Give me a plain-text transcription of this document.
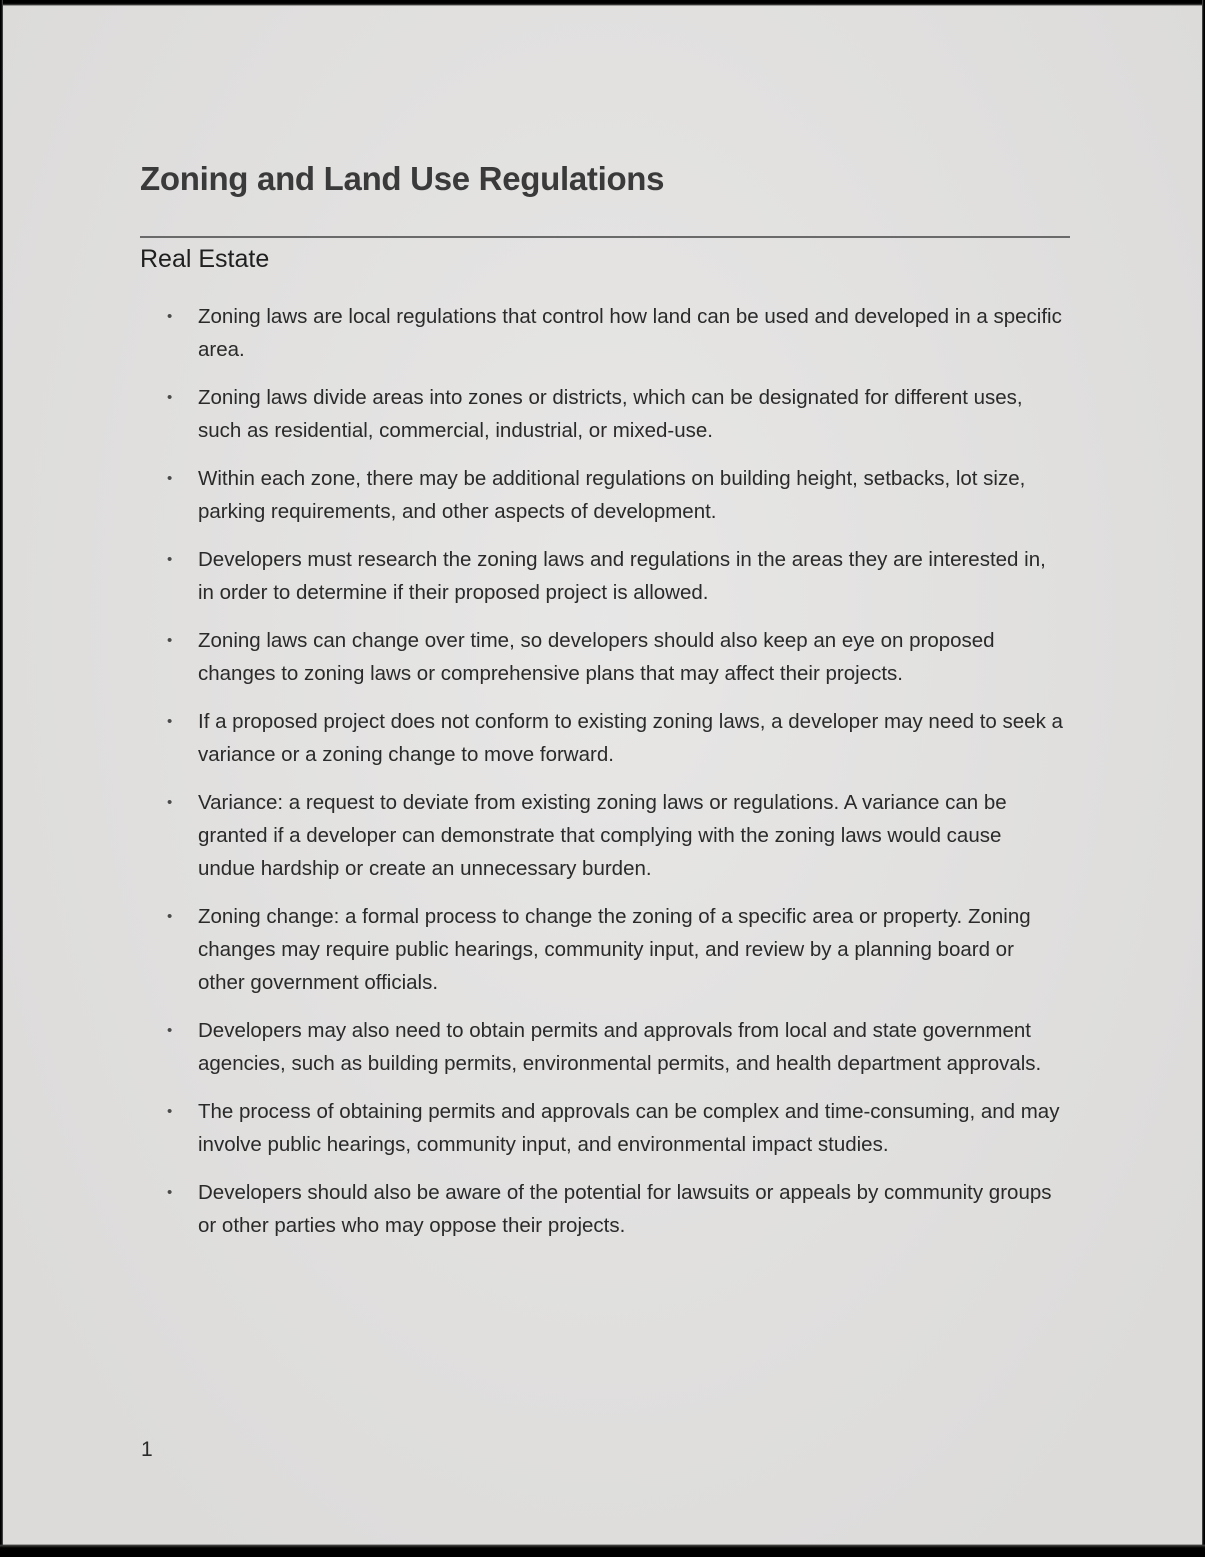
Zoning and Land Use Regulations
Real Estate
• Zoning laws are local regulations that control how land can be used and developed in a specific area.
• Zoning laws divide areas into zones or districts, which can be designated for different uses, such as residential, commercial, industrial, or mixed-use.
• Within each zone, there may be additional regulations on building height, setbacks, lot size, parking requirements, and other aspects of development.
• Developers must research the zoning laws and regulations in the areas they are interested in, in order to determine if their proposed project is allowed.
• Zoning laws can change over time, so developers should also keep an eye on proposed changes to zoning laws or comprehensive plans that may affect their projects.
• If a proposed project does not conform to existing zoning laws, a developer may need to seek a variance or a zoning change to move forward.
• Variance: a request to deviate from existing zoning laws or regulations. A variance can be granted if a developer can demonstrate that complying with the zoning laws would cause undue hardship or create an unnecessary burden.
• Zoning change: a formal process to change the zoning of a specific area or property. Zoning changes may require public hearings, community input, and review by a planning board or other government officials.
• Developers may also need to obtain permits and approvals from local and state government agencies, such as building permits, environmental permits, and health department approvals.
• The process of obtaining permits and approvals can be complex and time-consuming, and may involve public hearings, community input, and environmental impact studies.
• Developers should also be aware of the potential for lawsuits or appeals by community groups or other parties who may oppose their projects.
1
